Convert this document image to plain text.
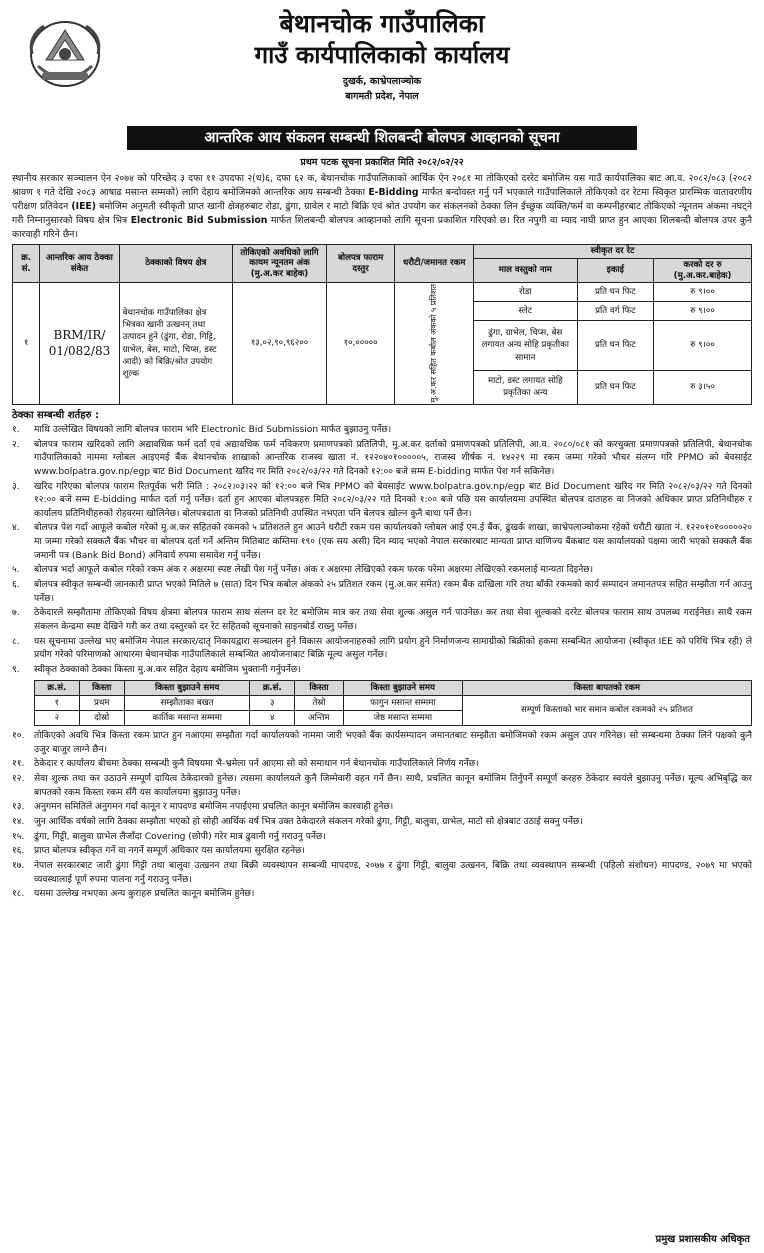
बेथानचोक गाउँपालिका
गाउँ कार्यपालिकाको कार्यालय
दुखर्क, काभ्रेपलाञ्चोक
बागमती प्रदेश, नेपाल
आन्तरिक आय संकलन सम्बन्धी शिलबन्दी बोलपत्र आव्हानको सूचना
प्रथम पटक सूचना प्रकाशित मिति २०८२/०२/२२

स्थानीय सरकार सञ्चालन ऐन २०७४ को परिच्छेद ३ दफा ११ उपदफा २(ध)६, दफा ६२ क, बेथानचोक गाउँपालिकाको आर्थिक ऐन २०८१ मा तोकिएको दररेट बमोजिम यस गाउँ कार्यपालिका बाट आ.व. २०८२/०८३ (२०८२ श्रावण १ गते देखि २०८३ आषाढ मसान्त सम्मको) लागि देहाय बमोजिमको आन्तरिक आय सम्बन्धी ठेक्का E-Bidding मार्फत बन्दोवस्त गर्नु पर्ने भएकाले गाउँपालिकाले तोकिएको दर रेटमा स्विकृत प्रारम्भिक वातावरणीय परीक्षण प्रतिवेदन (IEE) बमोजिम अनुमती स्वीकृती प्राप्त खानी क्षेत्रहरुबाट रोडा, ढुंगा, ग्रावेल र माटो बिक्रि एवं श्रोत उपयोग कर संकलनको ठेक्का लिन ईच्छुक व्यक्ति/फर्म वा कम्पनीहरबाट तोकिएको न्यूनतम अंकमा नघट्ने गरी निम्नानुसारको विषय क्षेत्र भित्र Electronic Bid Submission मार्फत शिलबन्दी बोलपत्र आव्हानको लागि सूचना प्रकाशित गरिएको छ। रित नपुगी वा म्याद नाघी प्राप्त हुन आएका शिलबन्दी बोलपत्र उपर कुनै कारवाही गरिने छैन।

क्र. सं.	आन्तरिक आय ठेक्का संकेत	ठेक्काको विषय क्षेत्र	तोकिएको अवधिको लागि कायम न्यूनतम अंक (मु.अ.कर बाहेक)	बोलपत्र फाराम दस्तुर	धरौटी/जमानत रकम	स्वीकृत दर रेट		
						माल वस्तुको नाम	इकाई	करको दर रु (मु.अ.कर.बाहेक)
१	BRM/IR/ 01/082/83	बेथानचोक गाउँपालिका क्षेत्र भित्रका खानी उत्खनन् तथा उत्पादन हुने (ढुंगा, रोडा, गिट्टि, ग्राभेल, बेस, माटो, चिप्स, डस्ट आदी) को बिक्रि/श्रोत उपयोग शुल्क	१३,०२,९०,९६२००	१०,०००००	मु.अ.कर सहित कबोल अंकको ५ प्रतिशत	रोडा	प्रति घन फिट	रु ९।००
						स्लेट	प्रति वर्ग फिट	रु ९।००
						ढुंगा, ग्राभेल, चिप्स, बेस लगायत अन्य सोहि प्रकृतीका सामान	प्रति घन फिट	रु ९।००
						माटो, डस्ट लगायत सोहि प्रकृतिका अन्य	प्रति घन फिट	रु ३।५०
ठेक्का सम्बन्धी शर्तहरु :
१.	माथि उल्लेखित विषयको लागि बोलपत्र फाराम भरि Electronic Bid Submission मार्फत बुझाउनु पर्नेछ।
२.	बोलपत्र फाराम खरिदको लागि अद्यावधिक फर्म दर्ता एवं अद्यावधिक फर्म नविकरण प्रमाणपत्रको प्रतिलिपी, मु.अ.कर दर्ताको प्रमाणपत्रको प्रतिलिपी, आ.व. २०८०/०८१ को करचुक्ता प्रमाणपत्रको प्रतिलिपी, बेथानचोक गाउँपालिकाको नाममा ग्लोबल आइएमई बैंक बेथानचोक शाखाको आन्तरिक राजस्व खाता नं. १२२०४०१०००००५, राजस्व शीर्षक नं. १४२२९ मा रकम जम्मा गरेको भौचर संलग्न गरि PPMO को बेवसाईट www.bolpatra.gov.np/egp बाट Bid Document खरिद गर मिति २०८२/०३/२२ गते दिनको १२:०० बजे सम्म E-bidding मार्फत पेश गर्न सकिनेछ।
३.	खरिद गरिएका बोलपत्र फाराम रितपूर्वक भरी मिति : २०८२।०३।२२ को १२:०० बजे भित्र PPMO को बेवसाईट www.bolpatra.gov.np/egp बाट Bid Document खरिद गर मिति २०८२/०३/२२ गते दिनको १२:०० बजे सम्म E-bidding मार्फत दर्ता गर्नु पर्नेछ। दर्ता हुन आएका बोलपत्रहरु मिति २०८२/०३/२२ गते दिनको १:०० बजे पछि यस कार्यालयमा उपस्थित बोलपत्र दाताहरु वा निजको अधिकार प्राप्त प्रतिनिधीहरु र कार्यालय प्रतिनिधीहरुको रोहवरमा खोलिनेछ। बोलपत्रदाता वा निजको प्रतिनिधी उपस्थित नभएता पनि बेलपत्र खोल्न कुनै बाधा पर्ने छैन।
४.	बोलपत्र पेश गर्दा आफूले कबोल गरेको मु.अ.कर सहितको रकमको ५ प्रतिशतले हुन आउने धरौटी रकम यस कार्यालयको ग्लोबल आई एम.ई बैंक, ढुंखर्क शाखा, काभ्रेपलाञ्चोकमा रहेको धरौटी खाता नं. १२२०१०१०००००२० मा जम्मा गरेको सक्कलै बैंक भौचर वा बोलपत्र दर्ता गर्ने अन्तिम मितिबाट कम्तिमा १९० (एक सय असी) दिन म्याद भएको नेपाल सरकारबाट मान्यता प्राप्त वाणिज्य बैंकबाट यस कार्यालयको पक्षमा जारी भएको सक्कलै बैंक जमानी पत्र (Bank Bid Bond) अनिवार्य रुपमा समावेश गर्नु पर्नेछ।
५.	बोलपत्र भर्दा आफूले कबोल गरेको रकम अंक र अक्षरमा स्पष्ट लेखी पेश गर्नु पर्नेछ। अंक र अक्षरमा लेखिएको रकम फरक परेमा अक्षरमा लेखिएको रकमलाई मान्यता दिइनेछ।
६.	बोलपत्र स्वीकृत सम्बन्धी जानकारी प्राप्त भएको मितिले ७ (सात) दिन भित्र कबोल अंकको २५ प्रतिशत रकम (मु.अ.कर समेत) रकम बैंक दाखिला गरि तथा बाँकी रकमको कार्य सम्पादन जमानतपत्र सहित सम्झौता गर्न आउनु पर्नेछ।
७.	ठेकेदारले सम्झौतामा तोकिएको विषय क्षेत्रमा बोलपत्र फाराम साथ संलग्न दर रेट बमोजिम मात्र कर तथा सेवा शुल्क असुल गर्न पाउनेछ। कर तथा सेवा शुल्कको दररेट बोलपत्र फाराम साथ उपलब्ध गराईनेछ। साथै रकम संकलन केन्द्रमा स्पष्ट देखिने गरी कर तथा दस्तुरको दर रेट सहितको सूचनाको साइनबोर्ड राख्नु पर्नेछ।
८.	यस सूचनामा उल्लेख भए बमोजिम नेपाल सरकार/दातृ निकायद्वारा सञ्चालन हुने विकास आयोजनाहरुको लागि प्रयोग हुने निर्माणजन्य सामाग्रीको बिक्रीको हकमा सम्बन्धित आयोजना (स्वीकृत IEE को परिधि भित्र रही) ले प्रयोग गरेको परिमाणको आधारमा बेथानचोक गाउँपालिकाले सम्बन्धित आयोजनाबाट बिक्रि मूल्य असुल गर्नेछ।
९.	स्वीकृत ठेक्काको ठेक्का किस्ता मु.अ.कर सहित देहाय बमोजिम भुक्तानी गर्नुपर्नेछ।
क्र.सं.	किस्ता	किस्ता बुझाउने समय	क्र.सं.	किस्ता	किस्ता बुझाउने समय	किस्ता बापतको रकम
१	प्रथम	सम्झौताका बखत	३	तेस्रो	फागुन मसान्त सम्ममा	सम्पूर्ण किस्ताको भार समान कबोल रकमको २५ प्रतिशत
२	दोस्रो	कार्तिक मसान्त सम्ममा	४	अन्तिम	जेष्ठ मसान्त सम्ममा	
१०.	तोकिएको अवधि भित्र किस्ता रकम प्राप्त हुन नआएमा सम्झौता गर्दा कार्यालयको नाममा जारी भएको बैंक कार्यसम्पादन जमानतबाट सम्झौता बमोजिमको रकम असुल उपर गरिनेछ। सो सम्बन्धमा ठेक्का लिने पक्षको कुनै उजुर बाजुर लाग्ने छैन।
११.	ठेकेदार र कार्यालय बीचमा ठेक्का सम्बन्धी कुनै विषयमा भै-भ्रमेला पर्न आएमा सो को समाधान गर्न बेथानचोक गाउँपालिकाले निर्णय गर्नेछ।
१२.	सेवा शुल्क तथा कर उठाउने सम्पूर्ण दायित्व ठेकेदारको हुनेछ। त्यसमा कार्यालयले कुनै जिम्मेवारी वहन गर्ने छैन। साथै, प्रचलित कानून बमोजिम तिर्नुपर्ने सम्पूर्ण करहरु ठेकेदार स्वयंले बुझाउनु पर्नेछ। मूल्य अभिबृद्धि कर बापतको रकम किस्ता रकम सँगै यस कार्यालयमा बुझाउनु पर्नेछ।
१३.	अनुगमन समितिले अनुगमन गर्दा कानून र मापदण्ड बमोजिम नपाईएमा प्रचलित कानून बमोजिम कारवाही हुनेछ।
१४.	जुन आर्थिक वर्षको लागि ठेक्का सम्झौता भएको हो सोही आर्थिक वर्ष भित्र उक्त ठेकेदारले संकलन गरेको ढुंगा, गिट्टी, बालुवा, ग्राभेल, माटो सो क्षेत्रबाट उठाई सक्नु पर्नेछ।
१५.	ढुंगा, गिट्टी, बालुवा ग्राभेल लैजाँदा Covering (छोपी) गरेर मात्र ढुवानी गर्नु गराउनु पर्नेछ।
१६.	प्राप्त बोलपत्र स्वीकृत गर्ने वा नगर्ने सम्पूर्ण अधिकार यस कार्यालयमा सुरक्षित रहनेछ।
१७.	नेपाल सरकारबाट जारी ढुंगा गिट्टी तथा बालुवा उत्खनन तथा बिक्री व्यवस्थापन सम्बन्धी मापदण्ड, २०७७ र ढुंगा गिट्टी, बालुवा उत्खनन, बिक्रि तथा व्यवस्थापन सम्बन्धी (पहिलो संशोधन) मापदण्ड, २०७९ मा भएको व्यवस्थालाई पूर्ण रुपमा पालना गर्नु गराउनु पर्नेछ।
१८.	यसमा उल्लेख नभएका अन्य कुराहरु प्रचलित कानून बमोजिम हुनेछ।
प्रमुख प्रशासकीय अधिकृत
